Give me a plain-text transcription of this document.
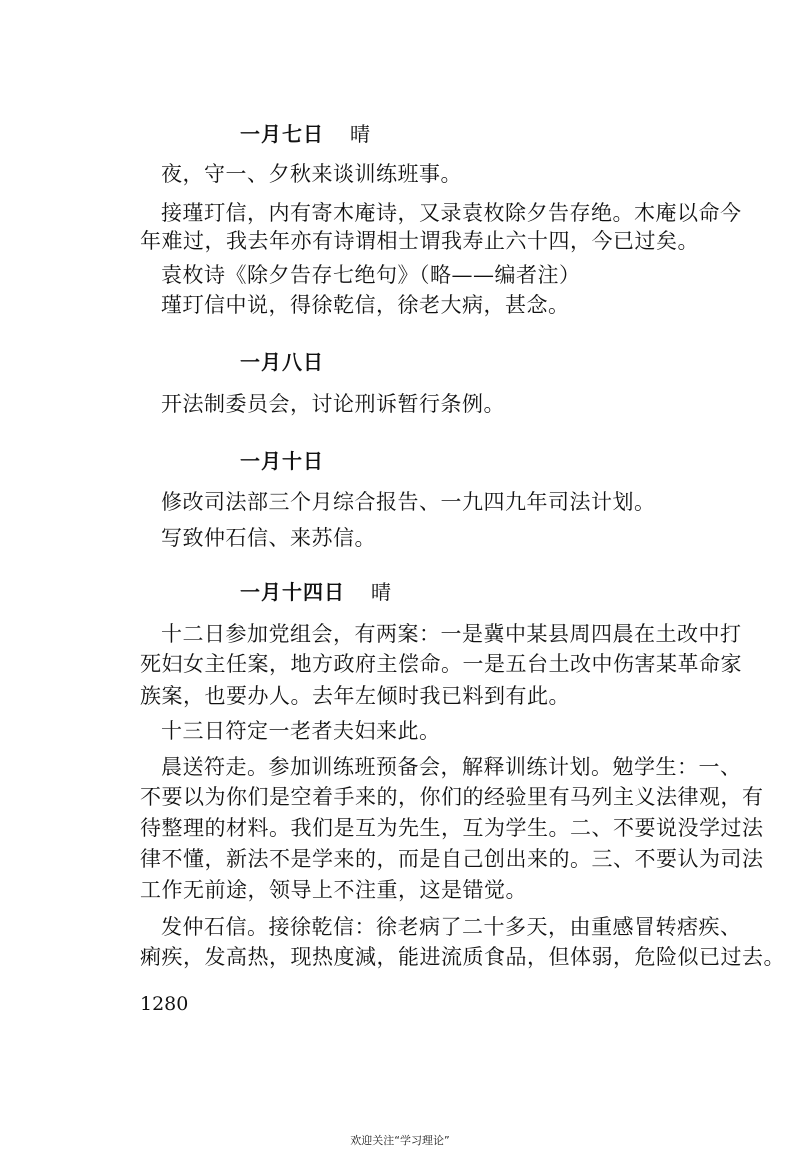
一月七日 晴
夜，守一、夕秋来谈训练班事。
接瑾玎信，内有寄木庵诗，又录袁枚除夕告存绝。木庵以命今
年难过，我去年亦有诗谓相士谓我寿止六十四，今已过矣。
袁枚诗《除夕告存七绝句》（略——编者注）
瑾玎信中说，得徐乾信，徐老大病，甚念。
一月八日
开法制委员会，讨论刑诉暂行条例。
一月十日
修改司法部三个月综合报告、一九四九年司法计划。
写致仲石信、来苏信。
一月十四日 晴
十二日参加党组会，有两案：一是冀中某县周四晨在土改中打
死妇女主任案，地方政府主偿命。一是五台土改中伤害某革命家
族案，也要办人。去年左倾时我已料到有此。
十三日符定一老者夫妇来此。
晨送符走。参加训练班预备会，解释训练计划。勉学生：一、
不要以为你们是空着手来的，你们的经验里有马列主义法律观，有
待整理的材料。我们是互为先生，互为学生。二、不要说没学过法
律不懂，新法不是学来的，而是自己创出来的。三、不要认为司法
工作无前途，领导上不注重，这是错觉。
发仲石信。接徐乾信：徐老病了二十多天，由重感冒转痞疾、
痢疾，发高热，现热度減，能进流质食品，但体弱，危险似已过去。
1280
欢迎关注“学习理论”
